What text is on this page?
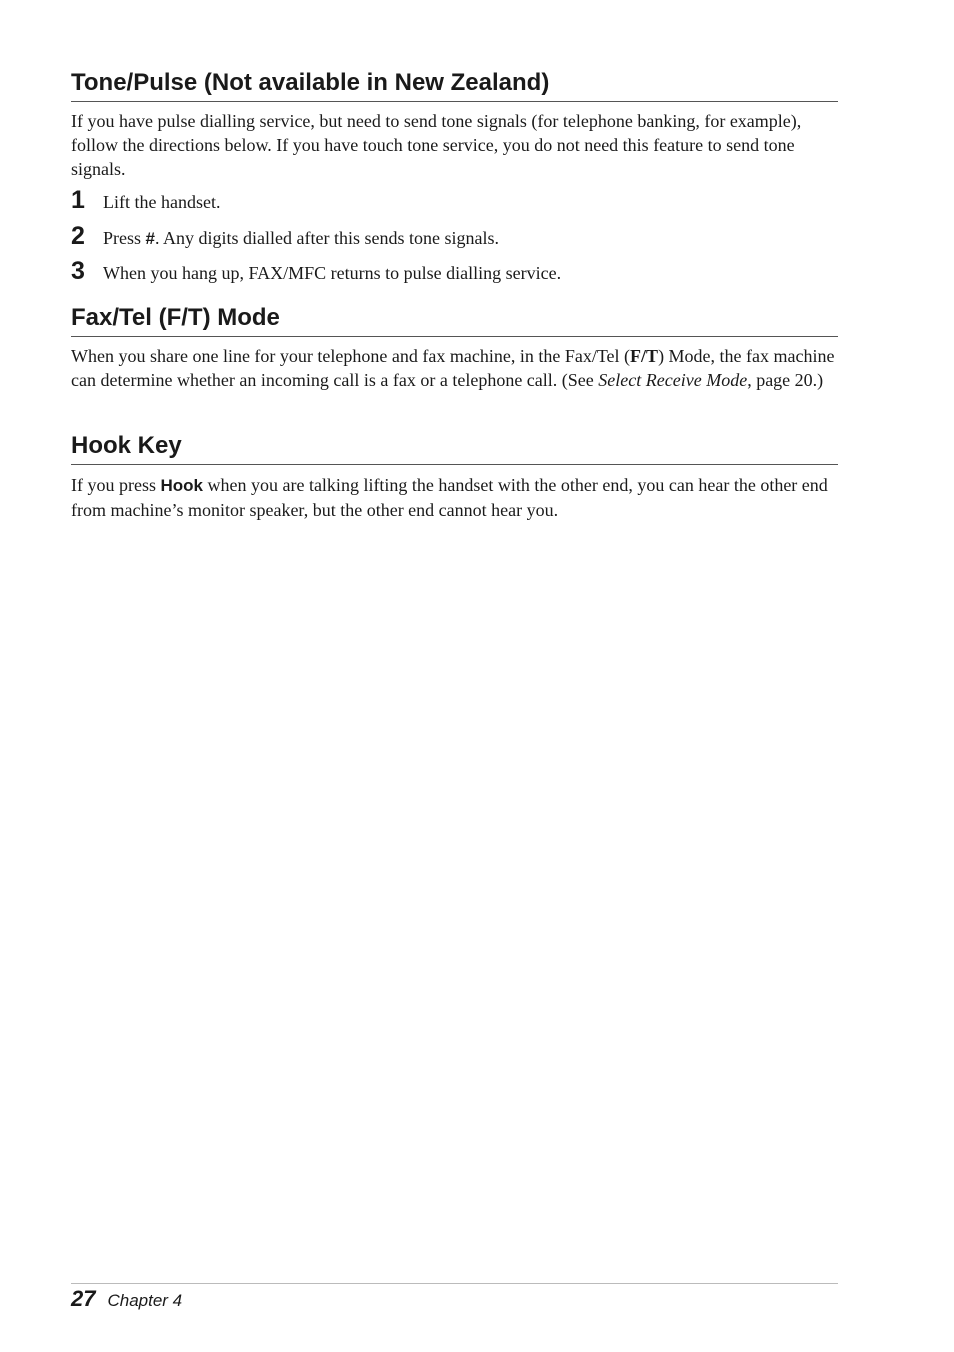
Tone/Pulse (Not available in New Zealand)

If you have pulse dialling service, but need to send tone signals (for telephone banking, for example), follow the directions below. If you have touch tone service, you do not need this feature to send tone signals.

1	Lift the handset.
2	Press #. Any digits dialled after this sends tone signals.
3	When you hang up, FAX/MFC returns to pulse dialling service.
Fax/Tel (F/T) Mode

When you share one line for your telephone and fax machine, in the Fax/Tel (F/T) Mode, the fax machine can determine whether an incoming call is a fax or a telephone call. (See Select Receive Mode, page 20.)

Hook Key

If you press Hook when you are talking lifting the handset with the other end, you can hear the other end from machine’s monitor speaker, but the other end cannot hear you.

27 Chapter 4
